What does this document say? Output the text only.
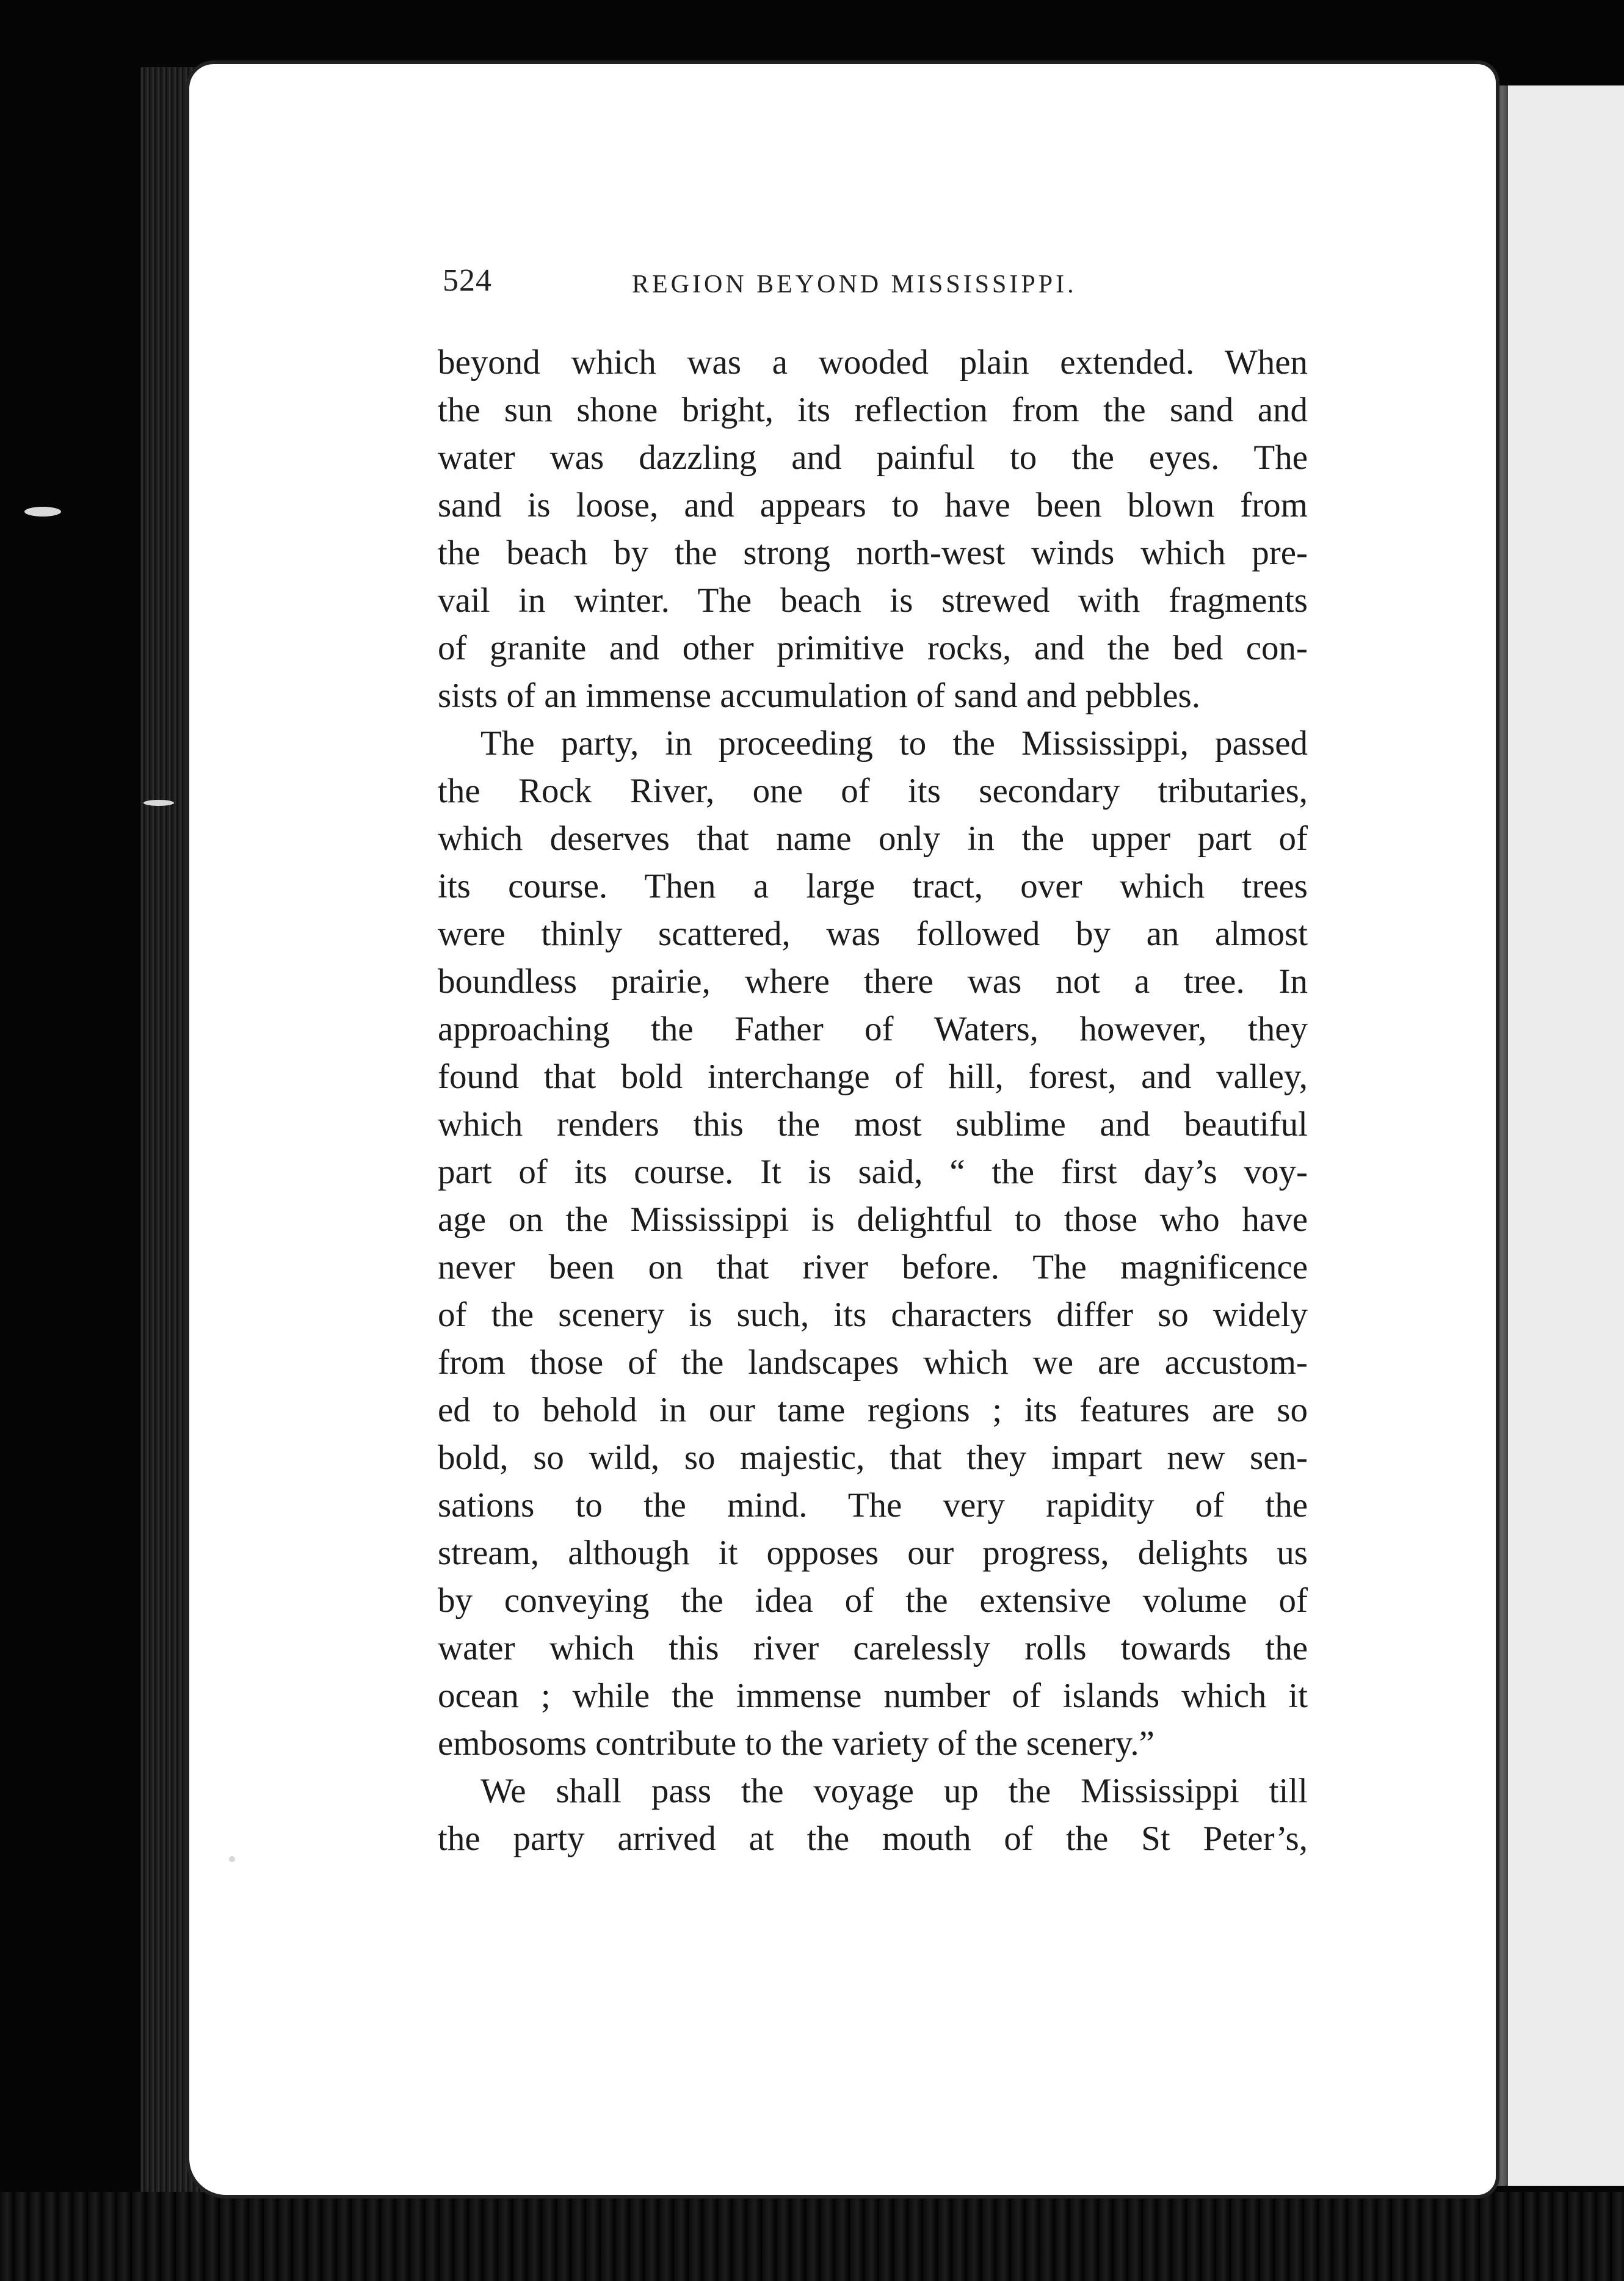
524	REGION BEYOND MISSISSIPPI.
beyond which was a wooded plain extended. When
the sun shone bright, its reflection from the sand and
water was dazzling and painful to the eyes. The
sand is loose, and appears to have been blown from
the beach by the strong north-west winds which pre-
vail in winter. The beach is strewed with fragments
of granite and other primitive rocks, and the bed con-
sists of an immense accumulation of sand and pebbles.
The party, in proceeding to the Mississippi, passed
the Rock River, one of its secondary tributaries,
which deserves that name only in the upper part of
its course. Then a large tract, over which trees
were thinly scattered, was followed by an almost
boundless prairie, where there was not a tree. In
approaching the Father of Waters, however, they
found that bold interchange of hill, forest, and valley,
which renders this the most sublime and beautiful
part of its course. It is said, “ the first day’s voy-
age on the Mississippi is delightful to those who have
never been on that river before. The magnificence
of the scenery is such, its characters differ so widely
from those of the landscapes which we are accustom-
ed to behold in our tame regions ; its features are so
bold, so wild, so majestic, that they impart new sen-
sations to the mind. The very rapidity of the
stream, although it opposes our progress, delights us
by conveying the idea of the extensive volume of
water which this river carelessly rolls towards the
ocean ; while the immense number of islands which it
embosoms contribute to the variety of the scenery.”
We shall pass the voyage up the Mississippi till
the party arrived at the mouth of the St Peter’s,
